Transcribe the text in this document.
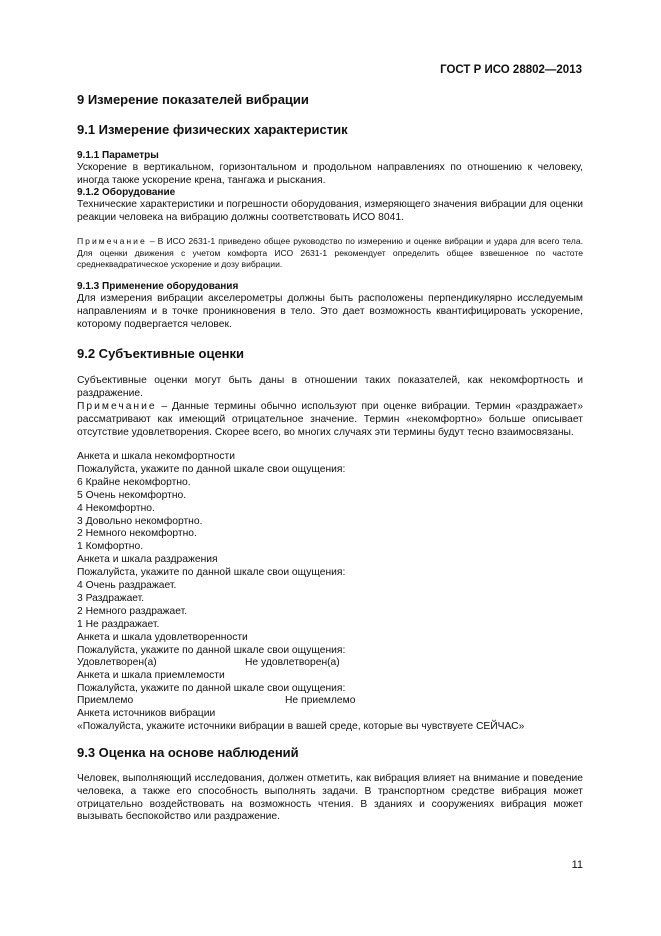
ГОСТ Р ИСО 28802—2013
9 Измерение показателей вибрации
9.1 Измерение физических характеристик
9.1.1 Параметры

Ускорение в вертикальном, горизонтальном и продольном направлениях по отношению к человеку, иногда также ускорение крена, тангажа и рыскания.

9.1.2 Оборудование

Технические характеристики и погрешности оборудования, измеряющего значения вибрации для оценки реакции человека на вибрацию должны соответствовать ИСО 8041.

Примечание – В ИСО 2631-1 приведено общее руководство по измерению и оценке вибрации и удара для всего тела. Для оценки движения с учетом комфорта ИСО 2631-1 рекомендует определить общее взвешенное по частоте среднеквадратическое ускорение и дозу вибрации.

9.1.3 Применение оборудования

Для измерения вибрации акселерометры должны быть расположены перпендикулярно исследуемым направлениям и в точке проникновения в тело. Это дает возможность квантифицировать ускорение, которому подвергается человек.

9.2 Субъективные оценки

Субъективные оценки могут быть даны в отношении таких показателей, как некомфортность и раздражение.

Примечание – Данные термины обычно используют при оценке вибрации. Термин «раздражает» рассматривают как имеющий отрицательное значение. Термин «некомфортно» больше описывает отсутствие удовлетворения. Скорее всего, во многих случаях эти термины будут тесно взаимосвязаны.

Анкета и шкала некомфортности
Пожалуйста, укажите по данной шкале свои ощущения:
6 Крайне некомфортно.
5 Очень некомфортно.
4 Некомфортно.
3 Довольно некомфортно.
2 Немного некомфортно.
1 Комфортно.
Анкета и шкала раздражения
Пожалуйста, укажите по данной шкале свои ощущения:
4 Очень раздражает.
3 Раздражает.
2 Немного раздражает.
1 Не раздражает.
Анкета и шкала удовлетворенности
Пожалуйста, укажите по данной шкале свои ощущения:
Удовлетворен(а)	Не удовлетворен(а)
Анкета и шкала приемлемости
Пожалуйста, укажите по данной шкале свои ощущения:
Приемлемо	Не приемлемо
Анкета источников вибрации
«Пожалуйста, укажите источники вибрации в вашей среде, которые вы чувствуете СЕЙЧАС»
9.3 Оценка на основе наблюдений

Человек, выполняющий исследования, должен отметить, как вибрация влияет на внимание и поведение человека, а также его способность выполнять задачи. В транспортном средстве вибрация может отрицательно воздействовать на возможность чтения. В зданиях и сооружениях вибрация может вызывать беспокойство или раздражение.

11
